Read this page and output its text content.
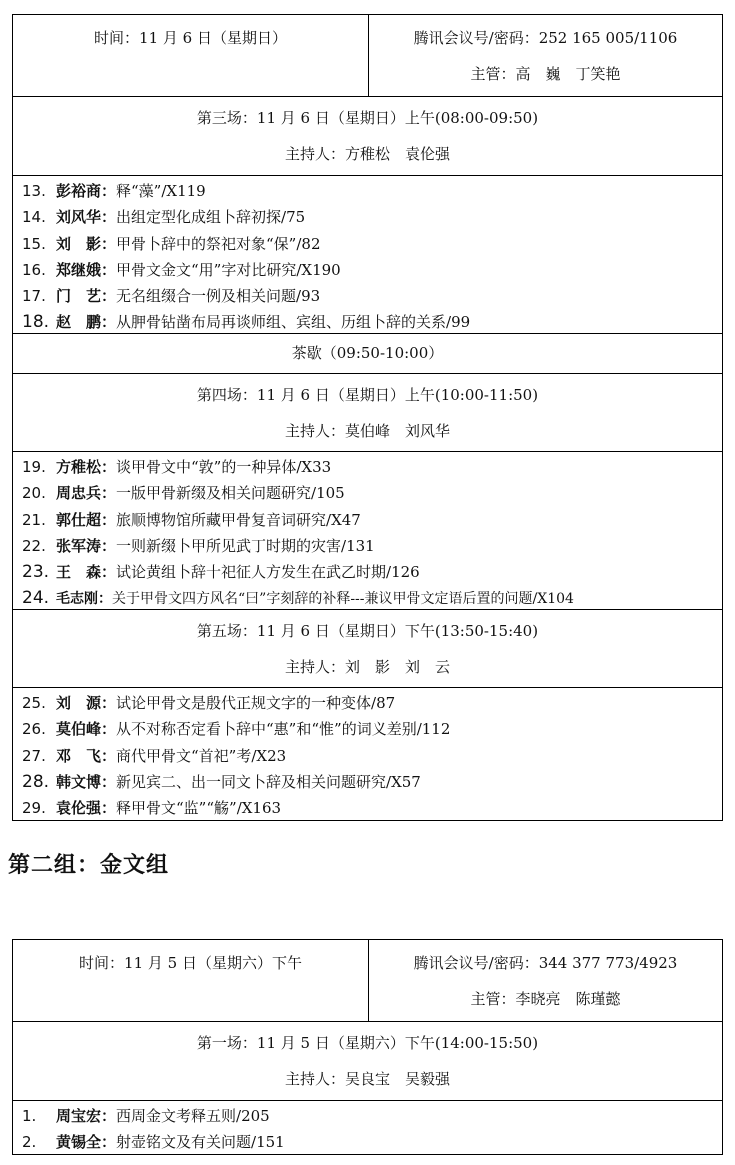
时间：11 月 6 日（星期日）	腾讯会议号/密码：252 165 005/1106
主管：高　巍　丁笑艳
第三场：11 月 6 日（星期日）上午(08:00-09:50)
主持人：方稚松　袁伦强
13. 彭裕商：释“藻”/X119
14. 刘风华：出组定型化成组卜辞初探/75
15. 刘　影：甲骨卜辞中的祭祀对象“保”/82
16. 郑继娥：甲骨文金文“用”字对比研究/X190
17. 门　艺：无名组缀合一例及相关问题/93
18. 赵　鹏：从胛骨钻凿布局再谈师组、宾组、历组卜辞的关系/99
茶歇（09:50-10:00）
第四场：11 月 6 日（星期日）上午(10:00-11:50)
主持人：莫伯峰　刘风华
19. 方稚松：谈甲骨文中“敦”的一种异体/X33
20. 周忠兵：一版甲骨新缀及相关问题研究/105
21. 郭仕超：旅顺博物馆所藏甲骨复音词研究/X47
22. 张军涛：一则新缀卜甲所见武丁时期的灾害/131
23. 王　森：试论黄组卜辞十祀征人方发生在武乙时期/126
24. 毛志刚：关于甲骨文四方风名“曰”字刻辞的补释---兼议甲骨文定语后置的问题/X104
第五场：11 月 6 日（星期日）下午(13:50-15:40)
主持人：刘　影　刘　云
25. 刘　源：试论甲骨文是殷代正规文字的一种变体/87
26. 莫伯峰：从不对称否定看卜辞中“惠”和“惟”的词义差别/112
27. 邓　飞：商代甲骨文“首祀”考/X23
28. 韩文博：新见宾二、出一同文卜辞及相关问题研究/X57
29. 袁伦强：释甲骨文“监”“觞”/X163
第二组：金文组
时间：11 月 5 日（星期六）下午	腾讯会议号/密码：344 377 773/4923
主管：李晓亮　陈瑾懿
第一场：11 月 5 日（星期六）下午(14:00-15:50)
主持人：吴良宝　吴毅强
1. 周宝宏：西周金文考释五则/205
2. 黄锡全：射壶铭文及有关问题/151
